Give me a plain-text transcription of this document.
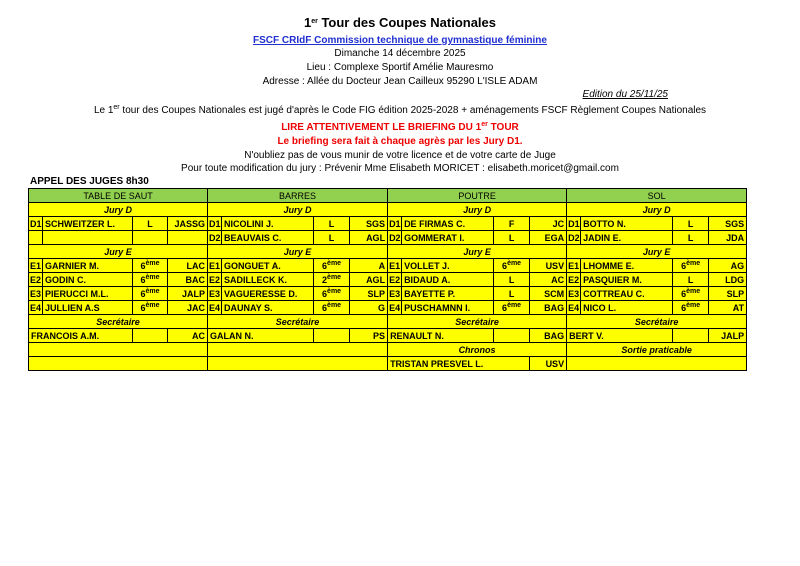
1er Tour des Coupes Nationales
FSCF CRIdF Commission technique de gymnastique féminine
Dimanche 14 décembre 2025
Lieu : Complexe Sportif Amélie Mauresmo
Adresse : Allée du Docteur Jean Cailleux 95290 L'ISLE ADAM
Edition du 25/11/25
Le 1er tour des Coupes Nationales est jugé d'après le Code FIG édition 2025-2028 + aménagements FSCF Règlement Coupes Nationales
LIRE ATTENTIVEMENT LE BRIEFING DU 1er TOUR
Le briefing sera fait à chaque agrès par les Jury D1.
N'oubliez pas de vous munir de votre licence et de votre carte de Juge
Pour toute modification du jury : Prévenir Mme Elisabeth MORICET : elisabeth.moricet@gmail.com
APPEL DES JUGES 8h30
TABLE DE SAUT				BARRES				POUTRE				SOL			
Jury D				Jury D				Jury D				Jury D			
D1	SCHWEITZER L.	L	JASSG	D1	NICOLINI J.	L	SGS	D1	DE FIRMAS C.	F	JC	D1	BOTTO N.	L	SGS
				D2	BEAUVAIS C.	L	AGL	D2	GOMMERAT I.	L	EGA	D2	JADIN E.	L	JDA
Jury E				Jury E				Jury E				Jury E			
E1	GARNIER M.	6ème	LAC	E1	GONGUET A.	6ème	A	E1	VOLLET J.	6ème	USV	E1	LHOMME E.	6ème	AG
E2	GODIN C.	6ème	BAC	E2	SADILLECK K.	2ème	AGL	E2	BIDAUD A.	L	AC	E2	PASQUIER M.	L	LDG
E3	PIERUCCI M.L.	6ème	JALP	E3	VAGUERESSE D.	6ème	SLP	E3	BAYETTE P.	L	SCM	E3	COTTREAU C.	6ème	SLP
E4	JULLIEN A.S	6ème	JAC	E4	DAUNAY S.	6ème	G	E4	PUSCHAMNN I.	6ème	BAG	E4	NICO L.	6ème	AT
Secrétaire				Secrétaire				Secrétaire				Secrétaire			
FRANCOIS A.M.			AC	GALAN N.			PS	RENAULT N.			BAG	BERT V.			JALP
								Chronos				Sortie praticable			
								TRISTAN PRESVEL L.			USV				
